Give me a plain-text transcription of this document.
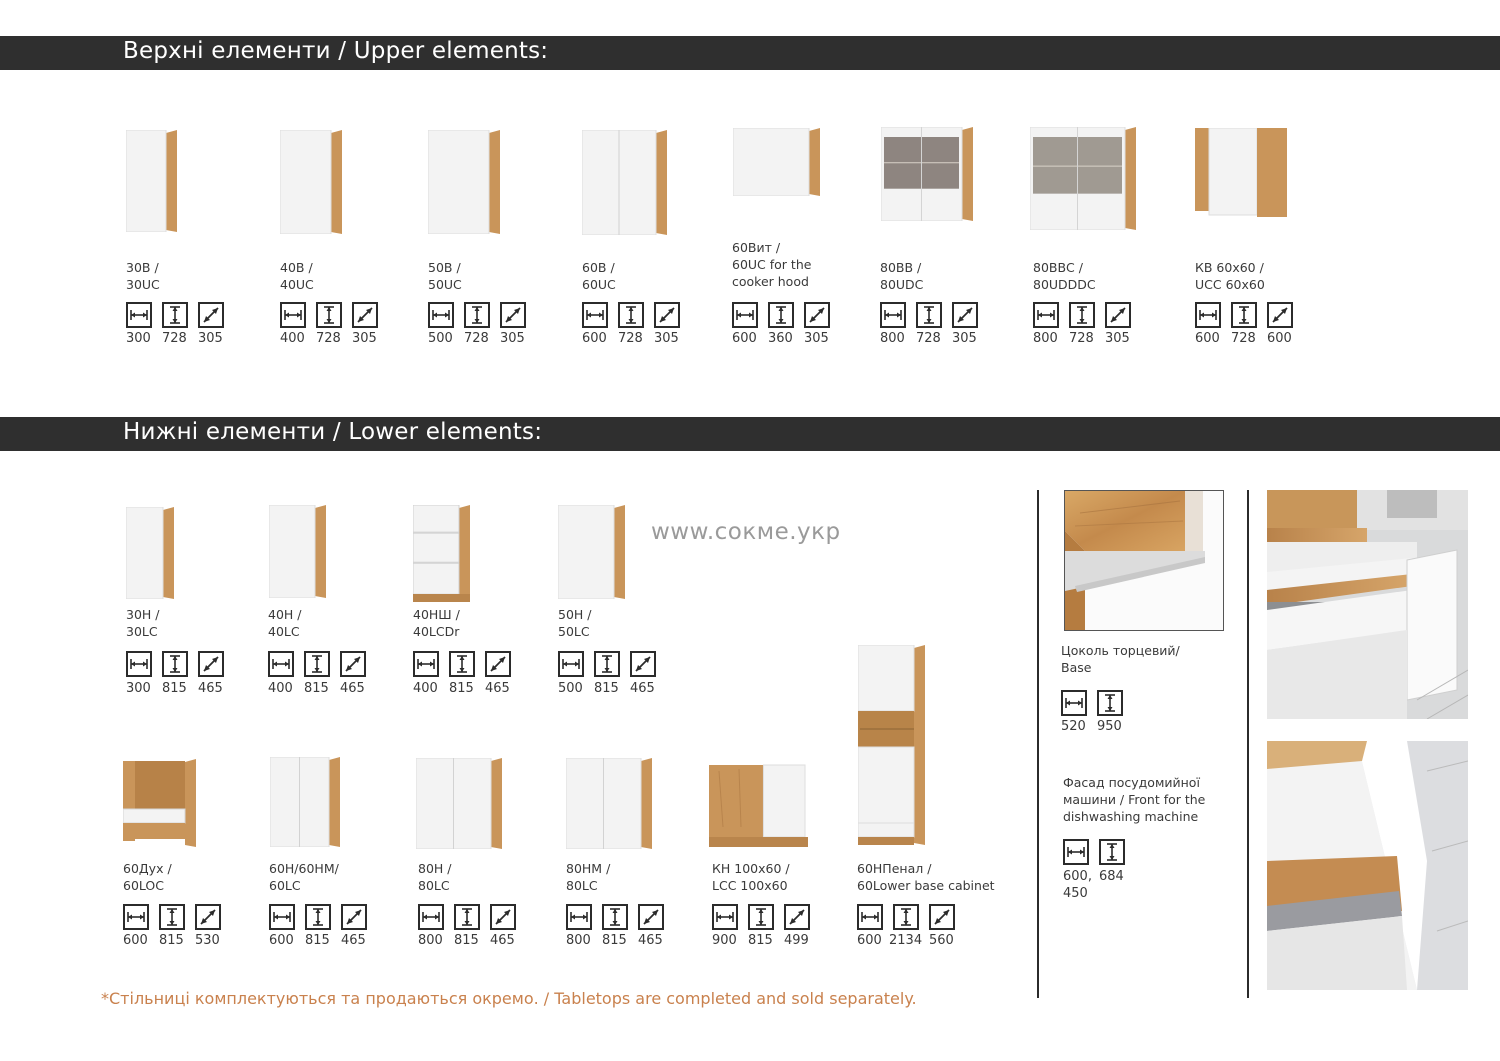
Верхні елементи / Upper elements:
Нижні елементи / Lower elements:
30В /
30UC
300 728 305
40В /
40UC
400 728 305
50В /
50UC
500 728 305
60В /
60UC
600 728 305
60Вит /
60UC for the
cooker hood
600 360 305
80ВВ /
80UDC
800 728 305
80ВВС /
80UDDDC
800 728 305
КВ 60х60 /
UCC 60х60
600 728 600
30Н /
30LC
300 815 465
40Н /
40LC
400 815 465
40НШ /
40LCDr
400 815 465
50Н /
50LC
500 815 465
60Дух /
60LOC
600 815 530
60Н/60НМ/
60LC
600 815 465
80Н /
80LC
800 815 465
80НМ /
80LC
800 815 465
КН 100х60 /
LCC 100х60
900 815 499
60НПенал /
60Lower base cabinet
600 2134 560
www.сокме.укр
Цоколь торцевий/
Base
520 950
Фасад посудомийної
машини / Front for the
dishwashing machine
600, 684
450
*Стільниці комплектуються та продаються окремо. / Tabletops are completed and sold separately.
